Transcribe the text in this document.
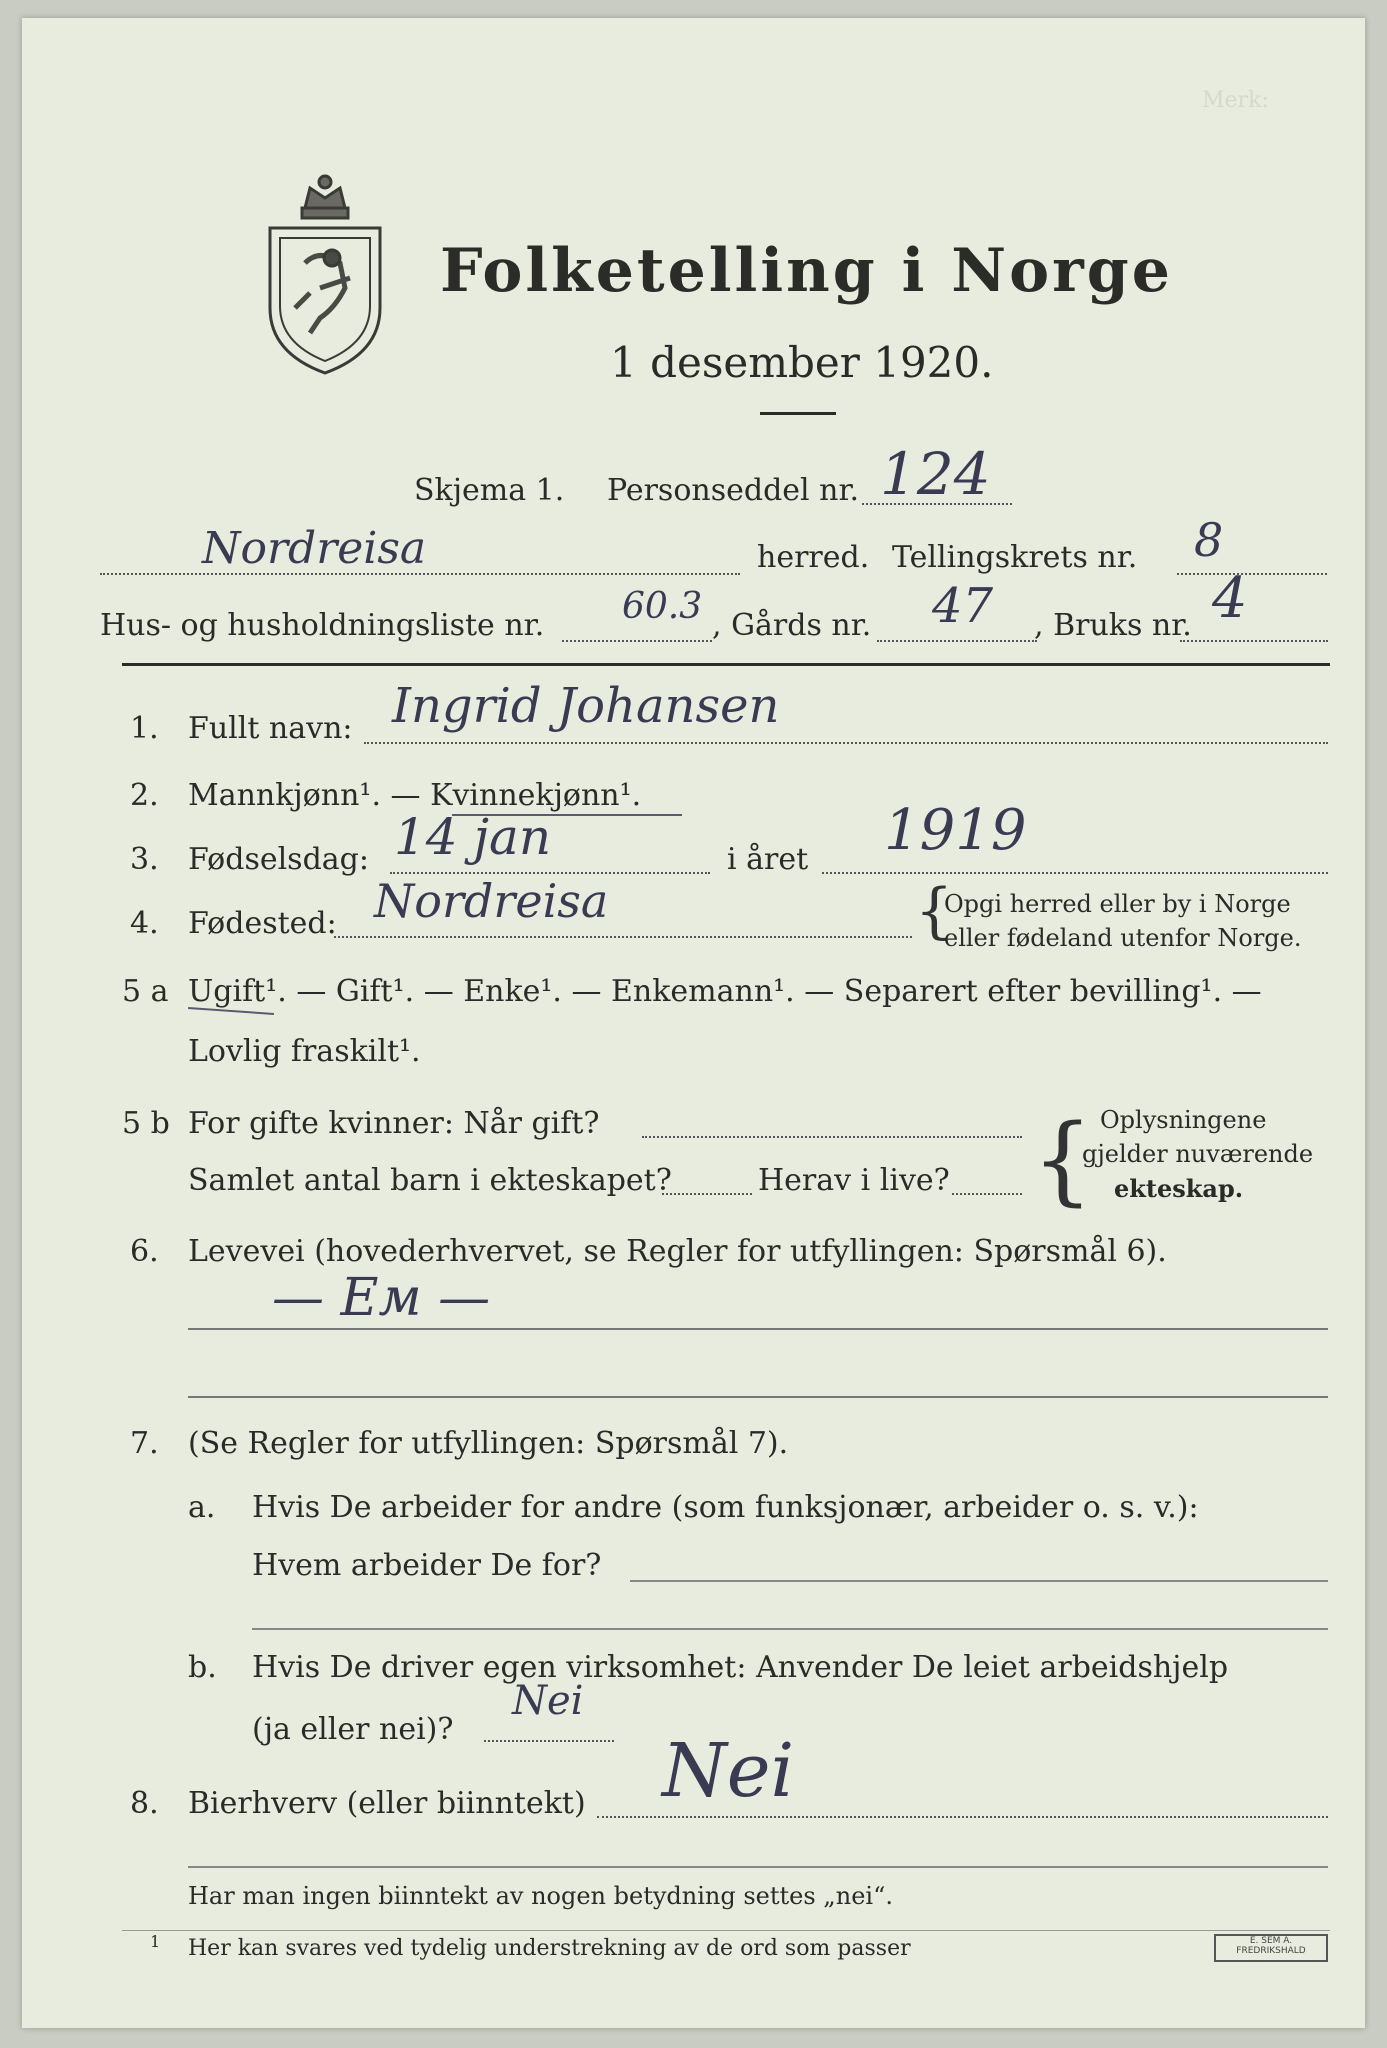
Merk:
Folketelling i Norge
1 desember 1920.
Skjema 1. Personseddel nr. 124
Nordreisa	herred. Tellingskrets nr. 8
Hus- og husholdningsliste nr. 60.3 , Gårds nr. 47 , Bruks nr. 4
1. Fullt navn: Ingrid Johansen
2. Mannkjønn¹. — Kvinnekjønn¹.
3. Fødselsdag: 14 jan	i året 1919
4. Fødested: Nordreisa	{
Opgi herred eller by i Norge
eller fødeland utenfor Norge.
5 a Ugift¹. — Gift¹. — Enke¹. — Enkemann¹. — Separert efter bevilling¹. —
Lovlig fraskilt¹.
5 b For gifte kvinner: Når gift?
Samlet antal barn i ekteskapet?	Herav i live? { Oplysningene
gjelder nuværende
ekteskap.
6. Levevei (hovederhvervet, se Regler for utfyllingen: Spørsmål 6).
— Ем —
7. (Se Regler for utfyllingen: Spørsmål 7).
a. Hvis De arbeider for andre (som funksjonær, arbeider o. s. v.):
Hvem arbeider De for?
b. Hvis De driver egen virksomhet: Anvender De leiet arbeidshjelp
(ja eller nei)?
Nei
8. Bierhverv (eller biinntekt) Nei
Har man ingen biinntekt av nogen betydning settes „nei“.
1 Her kan svares ved tydelig understrekning av de ord som passer	E. SEM A. FREDRIKSHALD
